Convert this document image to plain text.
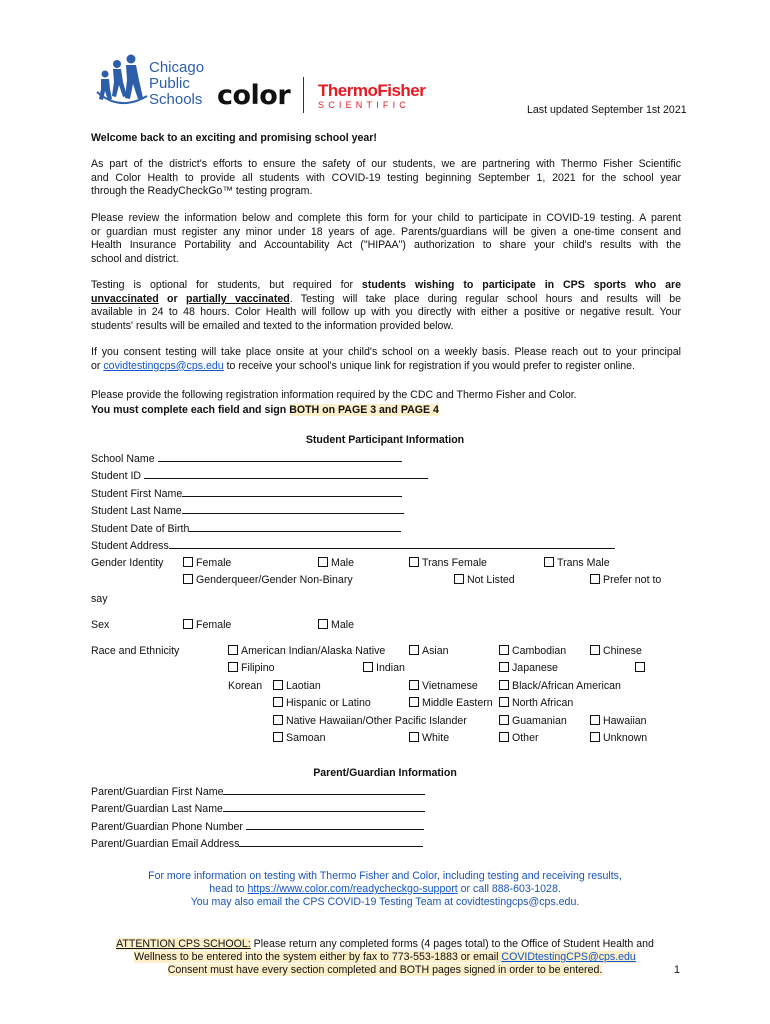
Chicago
Public
Schools color ThermoFisher
SCIENTIFIC	Last updated September 1st 2021
Welcome back to an exciting and promising school year!
As part of the district's efforts to ensure the safety of our students, we are partnering with Thermo Fisher Scientific
and Color Health to provide all students with COVID-19 testing beginning September 1, 2021 for the school year
through the ReadyCheckGo™ testing program.
Please review the information below and complete this form for your child to participate in COVID-19 testing. A parent
or guardian must register any minor under 18 years of age. Parents/guardians will be given a one-time consent and
Health Insurance Portability and Accountability Act ("HIPAA") authorization to share your child's results with the
school and district.
Testing is optional for students, but required for students wishing to participate in CPS sports who are
unvaccinated or partially vaccinated. Testing will take place during regular school hours and results will be
available in 24 to 48 hours. Color Health will follow up with you directly with either a positive or negative result. Your
students' results will be emailed and texted to the information provided below.
If you consent testing will take place onsite at your child's school on a weekly basis. Please reach out to your principal
or covidtestingcps@cps.edu to receive your school's unique link for registration if you would prefer to register online.
Please provide the following registration information required by the CDC and Thermo Fisher and Color.
You must complete each field and sign BOTH on PAGE 3 and PAGE 4
Student Participant Information
School Name
Student ID
Student First Name
Student Last Name
Student Date of Birth
Student Address
Gender Identity	Female	Male	Trans Female	Trans Male
Genderqueer/Gender Non-Binary	Not Listed	Prefer not to
say
Sex	Female	Male
Race and Ethnicity	American Indian/Alaska Native	Asian	Cambodian	Chinese
Filipino	Indian	Japanese
Korean	Laotian	Vietnamese	Black/African American
Hispanic or Latino	Middle Eastern	North African
Native Hawaiian/Other Pacific Islander	Guamanian	Hawaiian
Samoan	White	Other	Unknown
Parent/Guardian Information
Parent/Guardian First Name
Parent/Guardian Last Name
Parent/Guardian Phone Number
Parent/Guardian Email Address
For more information on testing with Thermo Fisher and Color, including testing and receiving results,
head to https://www.color.com/readycheckgo-support or call 888-603-1028.
You may also email the CPS COVID-19 Testing Team at covidtestingcps@cps.edu.
ATTENTION CPS SCHOOL: Please return any completed forms (4 pages total) to the Office of Student Health and
Wellness to be entered into the system either by fax to 773-553-1883 or email COVIDtestingCPS@cps.edu
Consent must have every section completed and BOTH pages signed in order to be entered.	1
